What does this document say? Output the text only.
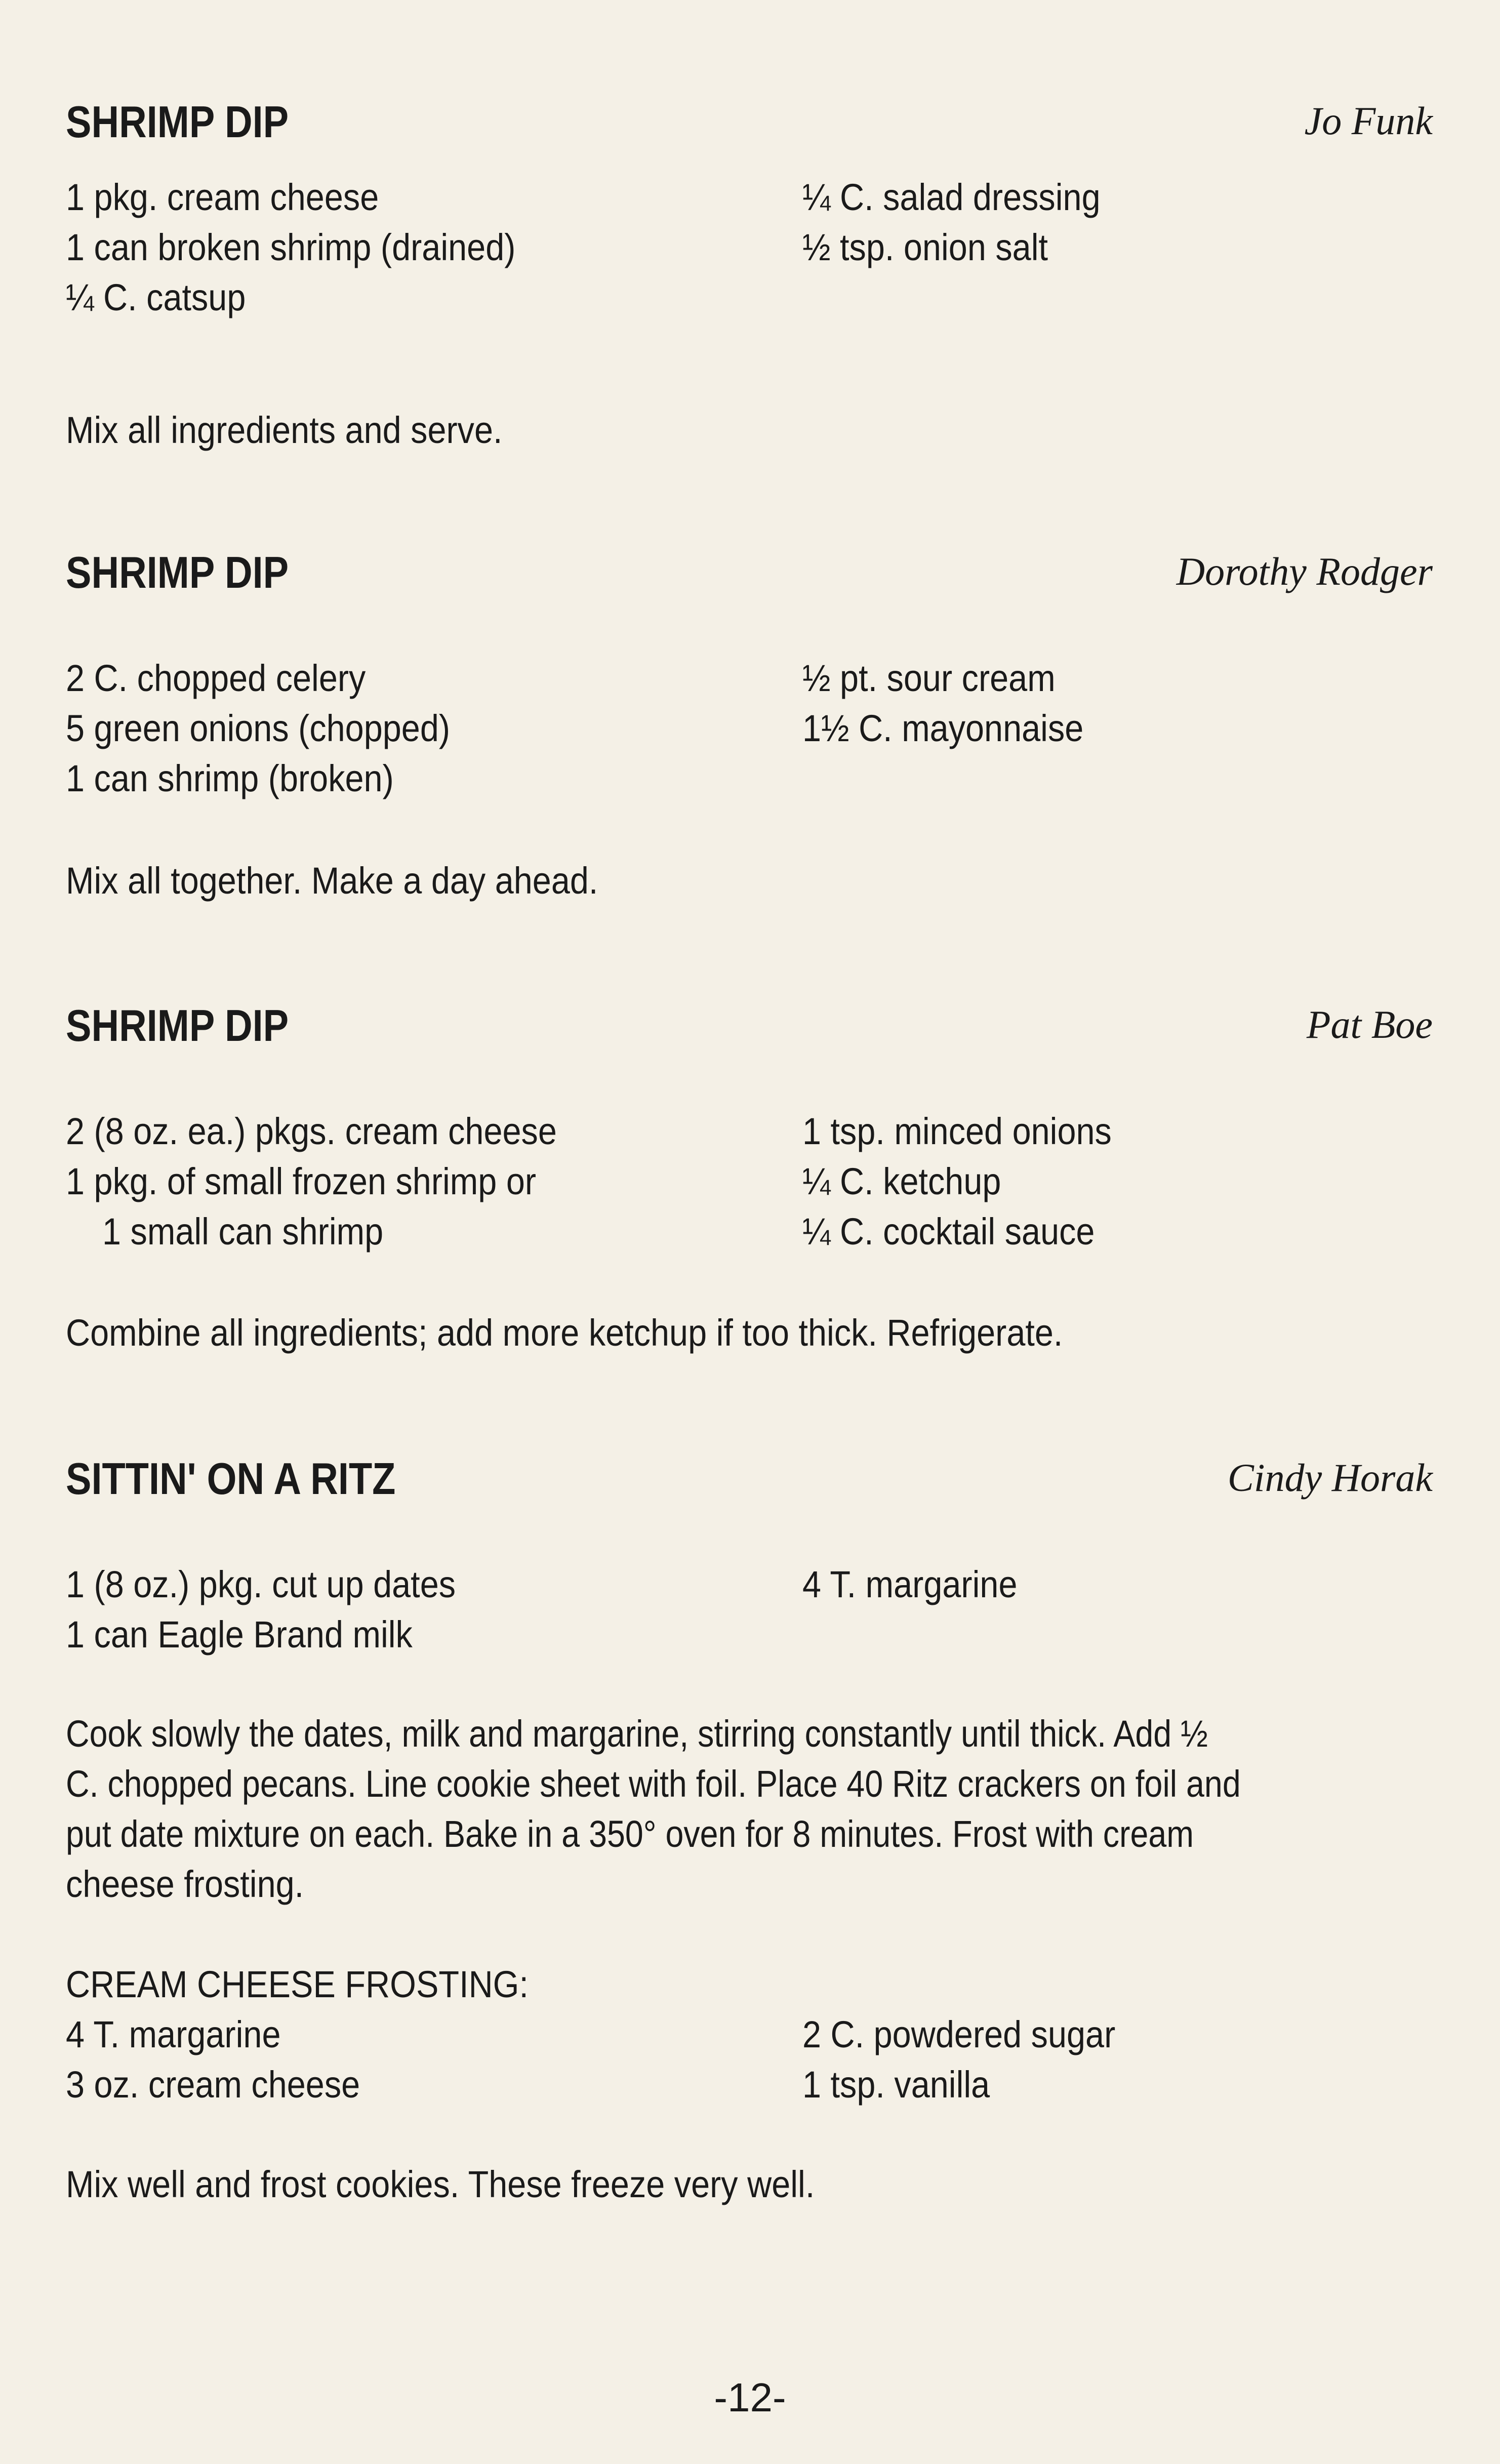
SHRIMP DIP	Jo Funk
1 pkg. cream cheese
1 can broken shrimp (drained)
¼ C. catsup
¼ C. salad dressing
½ tsp. onion salt
Mix all ingredients and serve.
SHRIMP DIP	Dorothy Rodger
2 C. chopped celery
5 green onions (chopped)
1 can shrimp (broken)
½ pt. sour cream
1½ C. mayonnaise
Mix all together. Make a day ahead.
SHRIMP DIP	Pat Boe
2 (8 oz. ea.) pkgs. cream cheese
1 pkg. of small frozen shrimp or
1 small can shrimp
1 tsp. minced onions
¼ C. ketchup
¼ C. cocktail sauce
Combine all ingredients; add more ketchup if too thick. Refrigerate.
SITTIN' ON A RITZ	Cindy Horak
1 (8 oz.) pkg. cut up dates
1 can Eagle Brand milk
4 T. margarine
Cook slowly the dates, milk and margarine, stirring constantly until thick. Add ½
C. chopped pecans. Line cookie sheet with foil. Place 40 Ritz crackers on foil and
put date mixture on each. Bake in a 350° oven for 8 minutes. Frost with cream
cheese frosting.
CREAM CHEESE FROSTING:
4 T. margarine
3 oz. cream cheese
2 C. powdered sugar
1 tsp. vanilla
Mix well and frost cookies. These freeze very well.
-12-
